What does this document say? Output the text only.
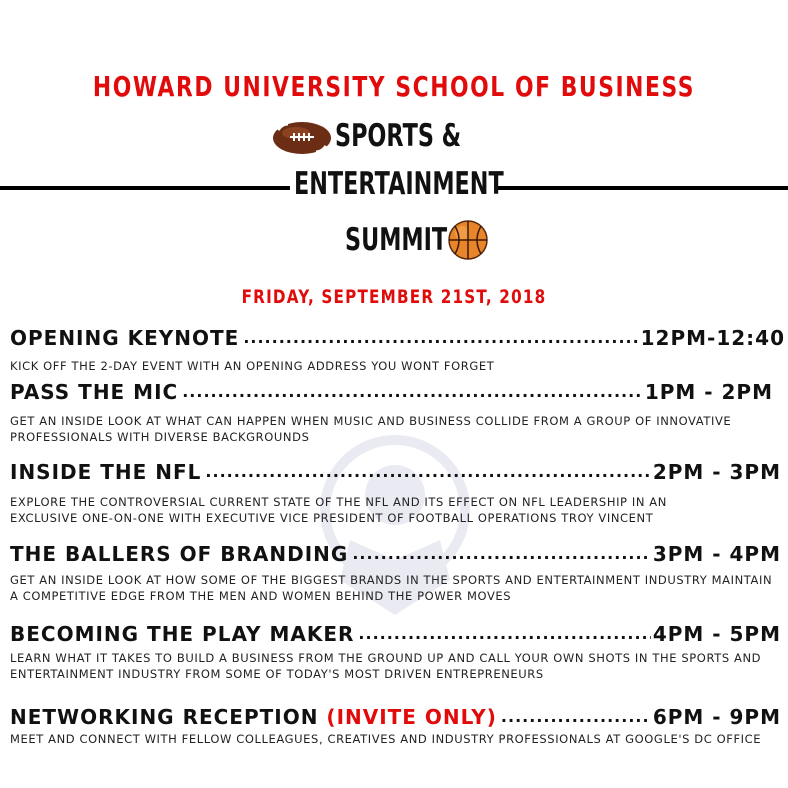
HOWARD UNIVERSITY SCHOOL OF BUSINESS
SPORTS &
ENTERTAINMENT
SUMMIT
FRIDAY, SEPTEMBER 21ST, 2018
OPENING KEYNOTE .....	12PM-12:40
KICK OFF THE 2-DAY EVENT WITH AN OPENING ADDRESS YOU WONT FORGET
PASS THE MIC .....	1PM - 2PM
GET AN INSIDE LOOK AT WHAT CAN HAPPEN WHEN MUSIC AND BUSINESS COLLIDE FROM A GROUP OF INNOVATIVE PROFESSIONALS WITH DIVERSE BACKGROUNDS
INSIDE THE NFL .....	2PM - 3PM
EXPLORE THE CONTROVERSIAL CURRENT STATE OF THE NFL AND ITS EFFECT ON NFL LEADERSHIP IN AN EXCLUSIVE ONE-ON-ONE WITH EXECUTIVE VICE PRESIDENT OF FOOTBALL OPERATIONS TROY VINCENT
THE BALLERS OF BRANDING .....	3PM - 4PM
GET AN INSIDE LOOK AT HOW SOME OF THE BIGGEST BRANDS IN THE SPORTS AND ENTERTAINMENT INDUSTRY MAINTAIN A COMPETITIVE EDGE FROM THE MEN AND WOMEN BEHIND THE POWER MOVES
BECOMING THE PLAY MAKER .....	4PM - 5PM
LEARN WHAT IT TAKES TO BUILD A BUSINESS FROM THE GROUND UP AND CALL YOUR OWN SHOTS IN THE SPORTS AND ENTERTAINMENT INDUSTRY FROM SOME OF TODAY'S MOST DRIVEN ENTREPRENEURS
NETWORKING RECEPTION (INVITE ONLY) .....	6PM - 9PM
MEET AND CONNECT WITH FELLOW COLLEAGUES, CREATIVES AND INDUSTRY PROFESSIONALS AT GOOGLE'S DC OFFICE
